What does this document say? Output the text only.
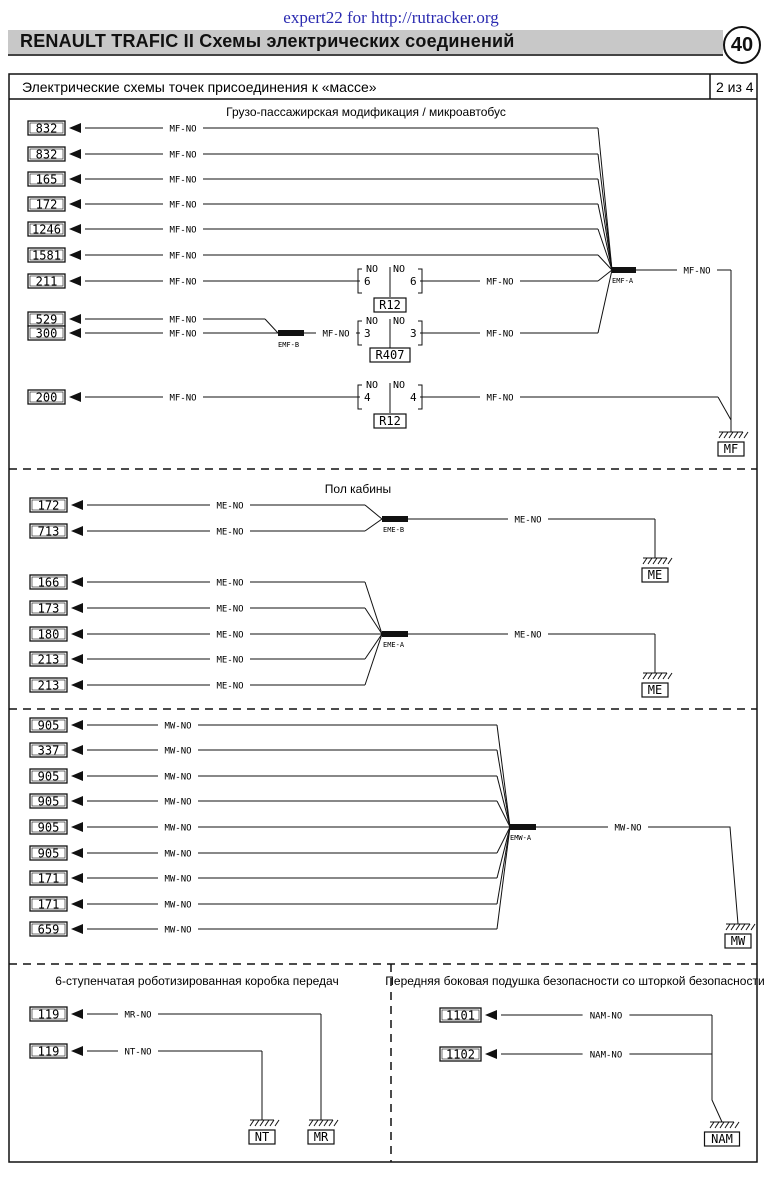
expert22 for http://rutracker.org
RENAULT TRAFIC II Схемы электрических соединений	40
Электрические схемы точек присоединения к «массе»	2 из 4
Грузо-пассажирская модификация / микроавтобус
Пол кабины
6-ступенчатая роботизированная коробка передач	Передняя боковая подушка безопасности со шторкой безопасности
832	MF-NO
832	MF-NO
165	MF-NO
172	MF-NO
1246	MF-NO
1581	MF-NO
211	MF-NO	MF-NO
NO NO
6	6
R12
529
300
MF-NO
MF-NO
EMF-B
MF-NO	MF-NO
NO NO
3	3
R407
EMF-A
MF-NO
MF
200	MF-NO	MF-NO
NO NO
4	4
R12
172	ME-NO
713	ME-NO	EME-B
ME-NO
ME
166	ME-NO
173	ME-NO
180	ME-NO
213	ME-NO
213	ME-NO
EME-A
ME-NO
ME
905	MW-NO
337	MW-NO
905	MW-NO
905	MW-NO
905	MW-NO
905	MW-NO
171	MW-NO
171	MW-NO
659	MW-NO
EMW-A
MW-NO
MW
119	MR-NO
MR
119	NT-NO
NT
1101
1102
NAM-NO
NAM-NO
NAM
